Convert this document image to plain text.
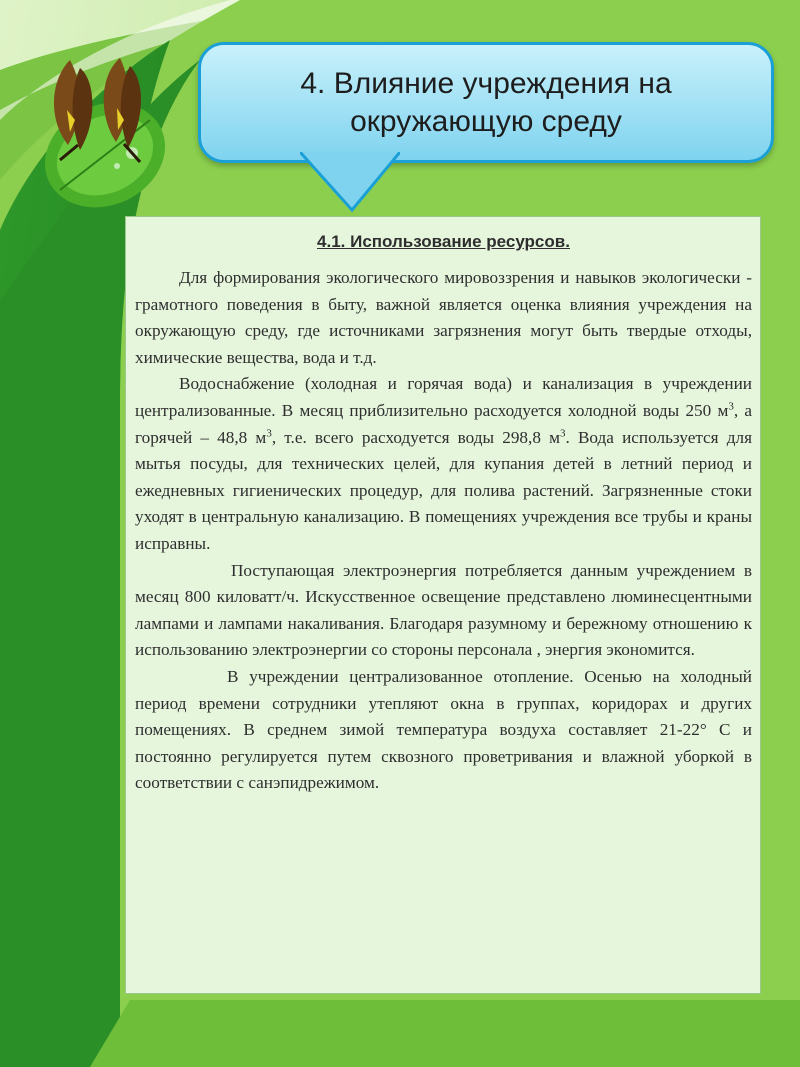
4. Влияние учреждения на
окружающую среду
4.1. Использование ресурсов.

Для формирования экологического мировоззрения и навыков экологически - грамотного поведения в быту, важной является оценка влияния учреждения на окружающую среду, где источниками загрязнения могут быть твердые отходы, химические вещества, вода и т.д.

Водоснабжение (холодная и горячая вода) и канализация в учреждении централизованные. В месяц приблизительно расходуется холодной воды 250 $м^3$, а горячей – 48,8 $м^3$, т.е. всего расходуется воды 298,8 $м^3$. Вода используется для мытья посуды, для технических целей, для купания детей в летний период и ежедневных гигиенических процедур, для полива растений. Загрязненные стоки уходят в центральную канализацию. В помещениях учреждения все трубы и краны исправны.

Поступающая электроэнергия потребляется данным учреждением в месяц 800 киловатт/ч. Искусственное освещение представлено люминесцентными лампами и лампами накаливания. Благодаря разумному и бережному отношению к использованию электроэнергии со стороны персонала , энергия экономится.

В учреждении централизованное отопление. Осенью на холодный период времени сотрудники утепляют окна в группах, коридорах и других помещениях. В среднем зимой температура воздуха составляет 21-22° С и постоянно регулируется путем сквозного проветривания и влажной уборкой в соответствии с санэпидрежимом.
